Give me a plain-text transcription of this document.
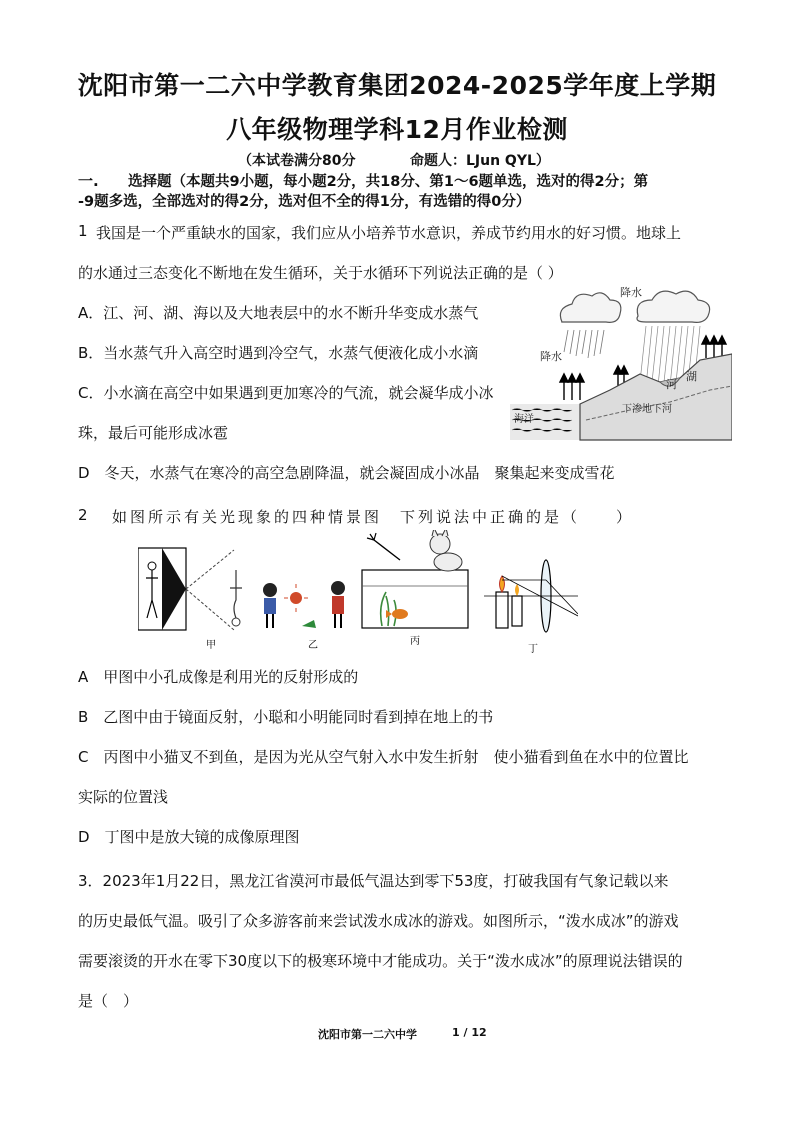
沈阳市第一二六中学教育集团2024-2025学年度上学期
八年级物理学科12月作业检测
（本试卷满分80分	命题人：LJun QYL）
一. 选择题（本题共9小题，每小题2分，共18分、第1～6题单选，选对的得2分；第
-9题多选，全部选对的得2分，选对但不全的得1分，有选错的得0分）
1 我国是一个严重缺水的国家，我们应从小培养节水意识，养成节约用水的好习惯。地球上
的水通过三态变化不断地在发生循环，关于水循环下列说法正确的是（ ）
A．江、河、湖、海以及大地表层中的水不断升华变成水蒸气
B．当水蒸气升入高空时遇到冷空气，水蒸气便液化成小水滴
C．小水滴在高空中如果遇到更加寒冷的气流，就会凝华成小冰
珠，最后可能形成冰雹
D　冬天，水蒸气在寒冷的高空急剧降温，就会凝固成小冰晶　聚集起来变成雪花
降水
降水
湖
河
海洋
下渗地下河
2 如图所示有关光现象的四种情景图　下列说法中正确的是（　　）
甲	乙	丙
丁
A　甲图中小孔成像是利用光的反射形成的
B　乙图中由于镜面反射，小聪和小明能同时看到掉在地上的书
C　丙图中小猫叉不到鱼，是因为光从空气射入水中发生折射　使小猫看到鱼在水中的位置比
实际的位置浅
D　丁图中是放大镜的成像原理图
3．2023年1月22日，黑龙江省漠河市最低气温达到零下53度，打破我国有气象记载以来
的历史最低气温。吸引了众多游客前来尝试泼水成冰的游戏。如图所示，“泼水成冰”的游戏
需要滚烫的开水在零下30度以下的极寒环境中才能成功。关于“泼水成冰”的原理说法错误的
是（　）
沈阳市第一二六中学	1 / 12
